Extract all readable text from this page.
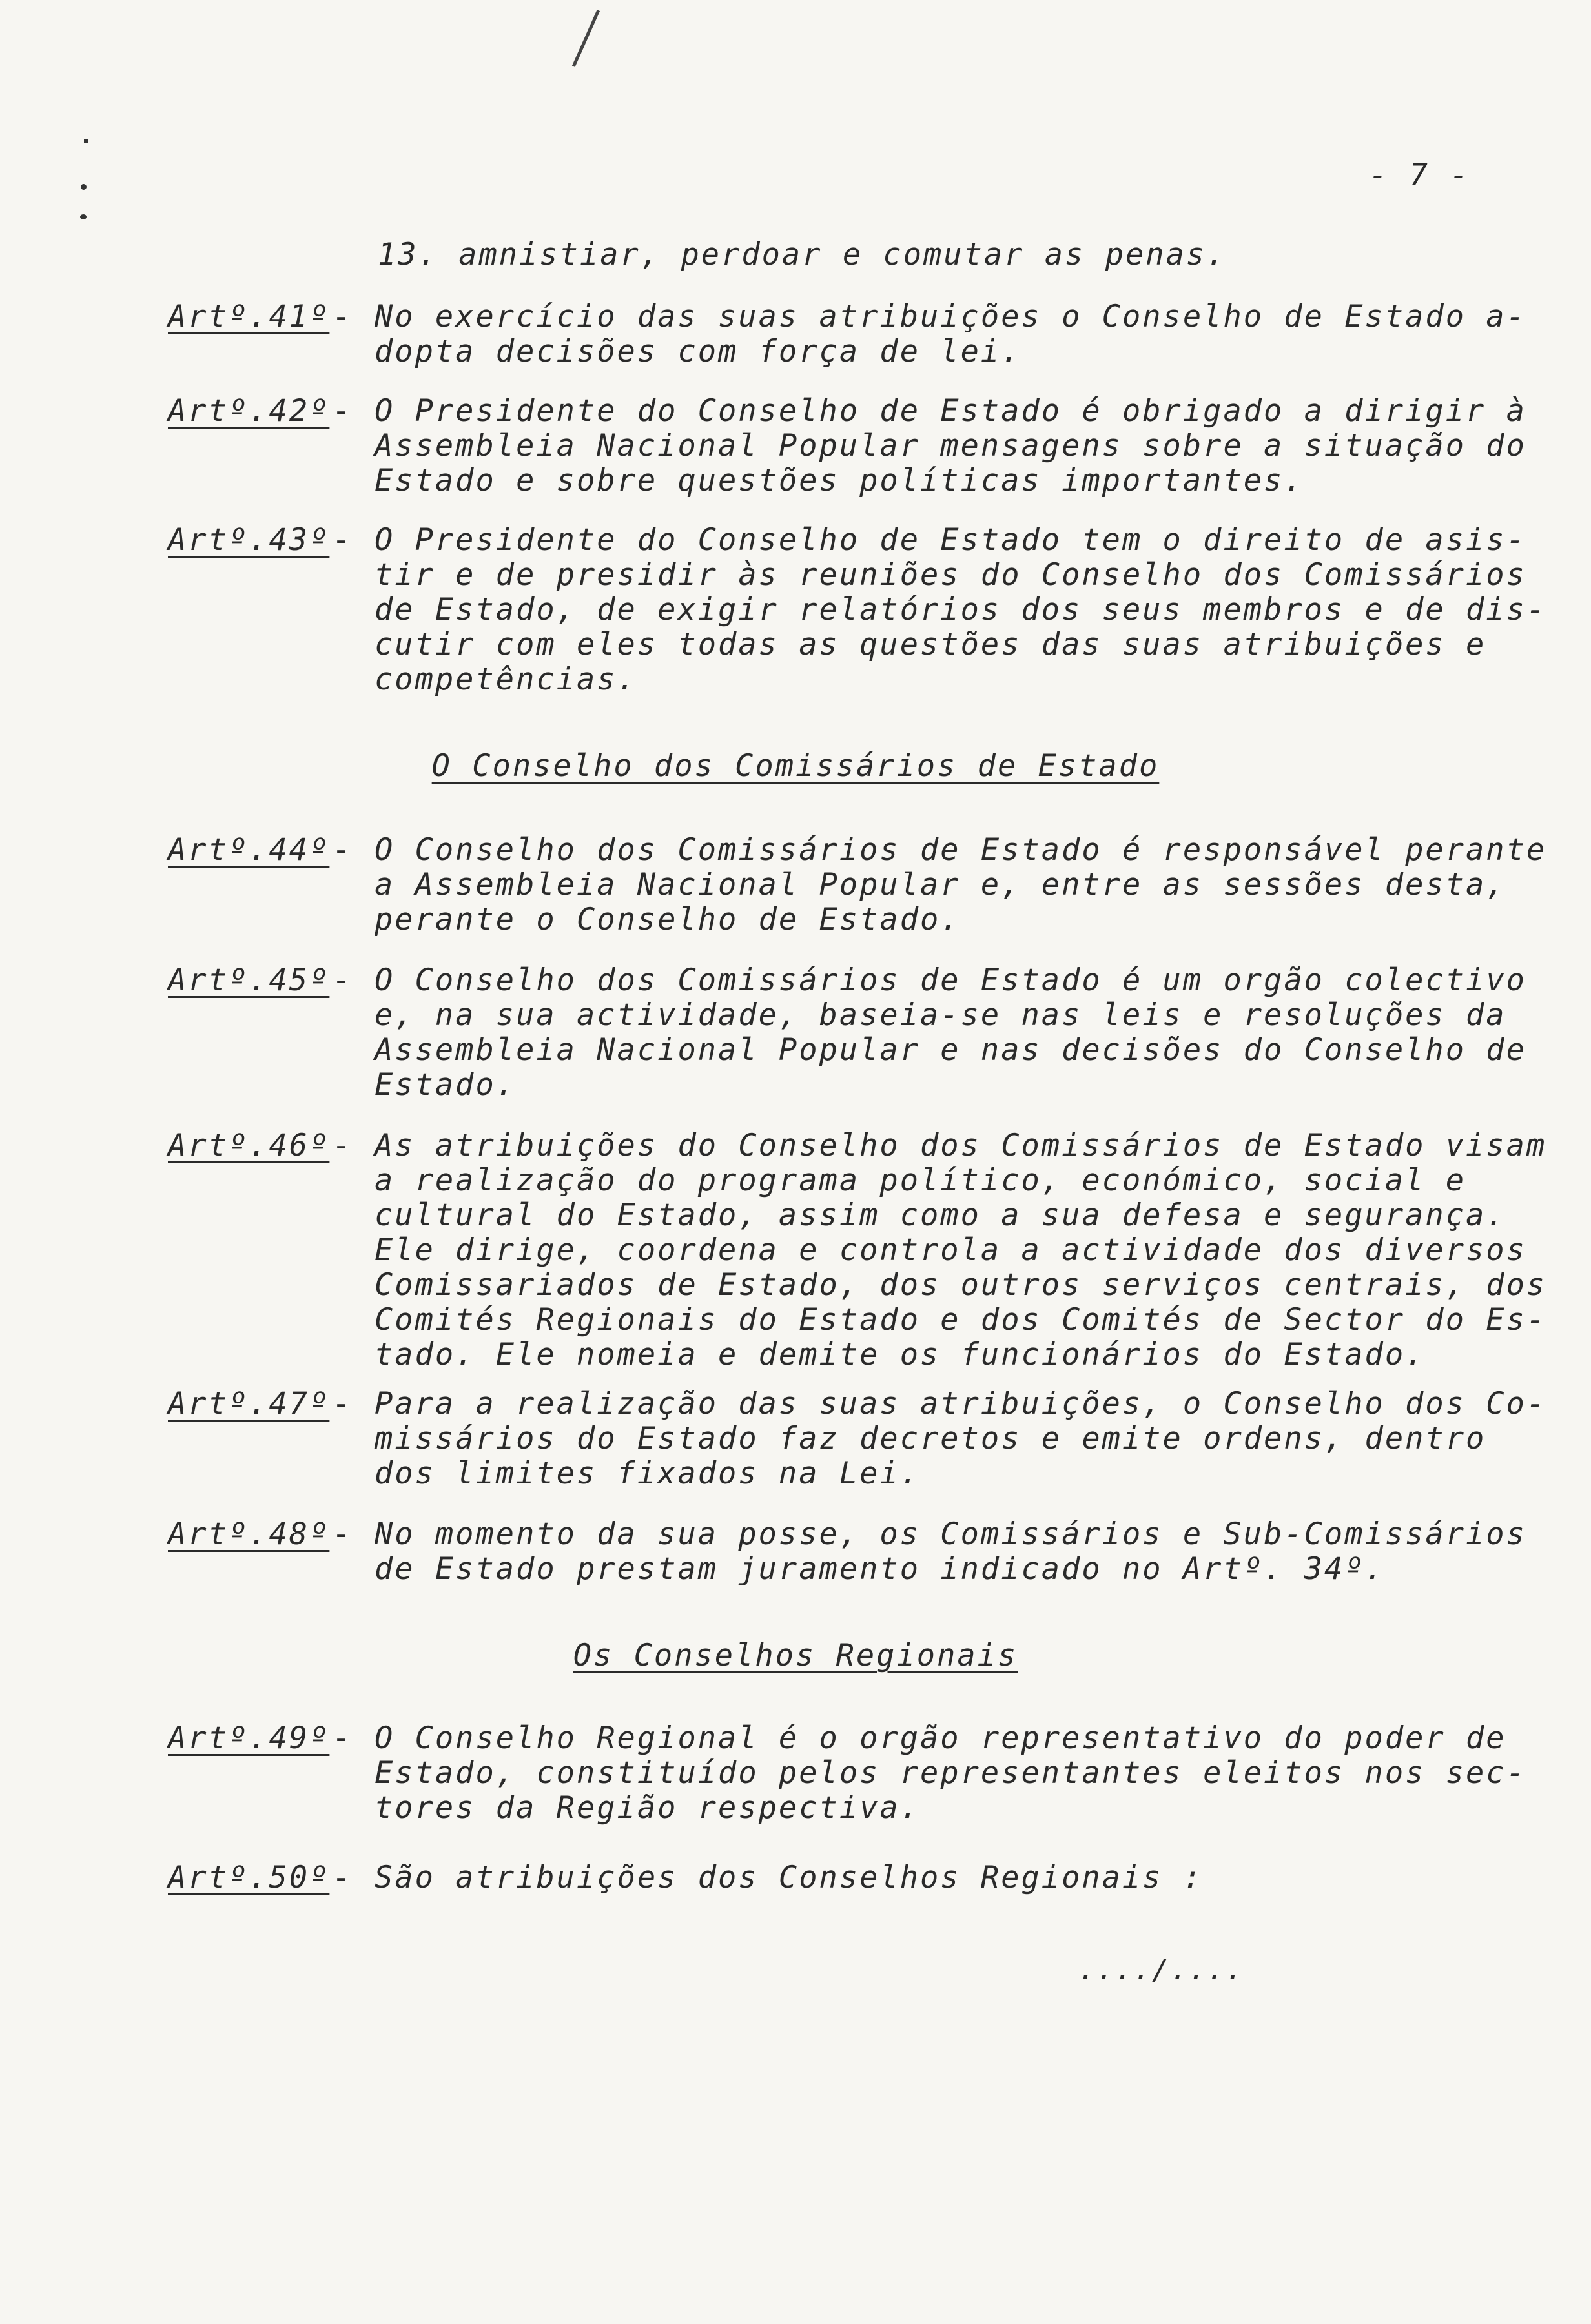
- 7 -
13. amnistiar, perdoar e comutar as penas.
Artº.41º - No exercício das suas atribuições o Conselho de Estado a-
dopta decisões com força de lei.
Artº.42º - O Presidente do Conselho de Estado é obrigado a dirigir à
Assembleia Nacional Popular mensagens sobre a situação do
Estado e sobre questões políticas importantes.
Artº.43º - O Presidente do Conselho de Estado tem o direito de asis-
tir e de presidir às reuniões do Conselho dos Comissários
de Estado, de exigir relatórios dos seus membros e de dis-
cutir com eles todas as questões das suas atribuições e
competências.
O Conselho dos Comissários de Estado
Artº.44º - O Conselho dos Comissários de Estado é responsável perante
a Assembleia Nacional Popular e, entre as sessões desta,
perante o Conselho de Estado.
Artº.45º - O Conselho dos Comissários de Estado é um orgão colectivo
e, na sua actividade, baseia-se nas leis e resoluções da
Assembleia Nacional Popular e nas decisões do Conselho de
Estado.
Artº.46º - As atribuições do Conselho dos Comissários de Estado visam
a realização do programa político, económico, social e
cultural do Estado, assim como a sua defesa e segurança.
Ele dirige, coordena e controla a actividade dos diversos
Comissariados de Estado, dos outros serviços centrais, dos
Comités Regionais do Estado e dos Comités de Sector do Es-
tado. Ele nomeia e demite os funcionários do Estado.
Artº.47º - Para a realização das suas atribuições, o Conselho dos Co-
missários do Estado faz decretos e emite ordens, dentro
dos limites fixados na Lei.
Artº.48º - No momento da sua posse, os Comissários e Sub-Comissários
de Estado prestam juramento indicado no Artº. 34º.
Os Conselhos Regionais
Artº.49º - O Conselho Regional é o orgão representativo do poder de
Estado, constituído pelos representantes eleitos nos sec-
tores da Região respectiva.
Artº.50º - São atribuições dos Conselhos Regionais :
..../....
